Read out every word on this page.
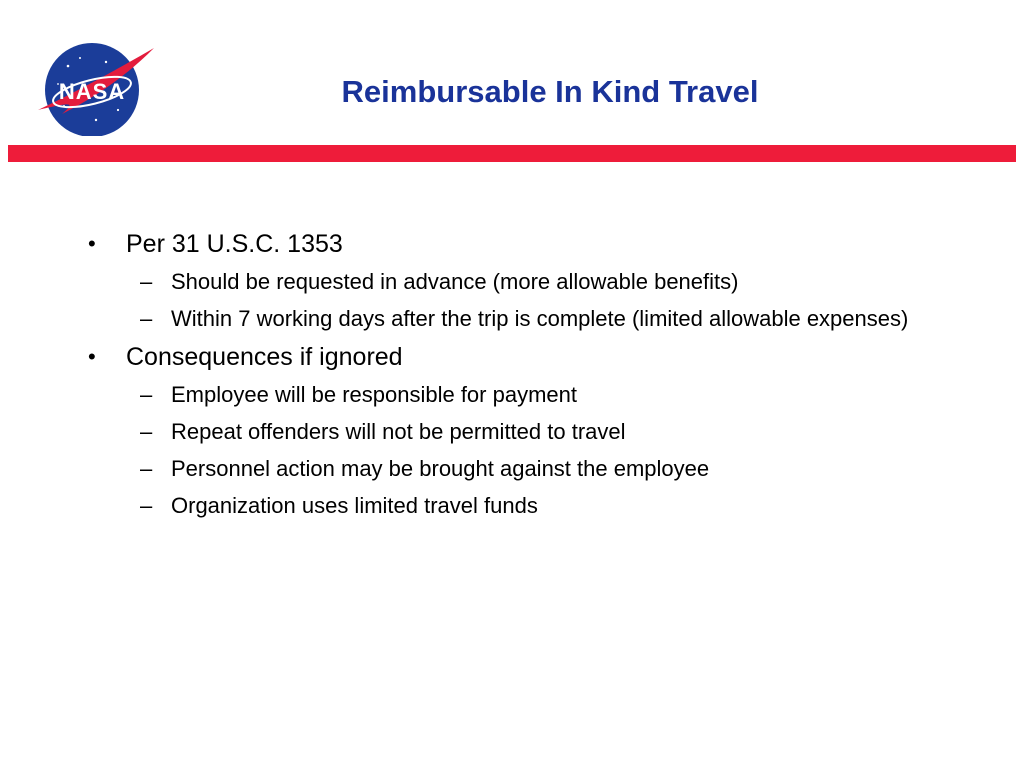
NASA	Reimbursable In Kind Travel
• Per 31 U.S.C. 1353
– Should be requested in advance (more allowable benefits)
– Within 7 working days after the trip is complete (limited allowable expenses)
• Consequences if ignored
– Employee will be responsible for payment
– Repeat offenders will not be permitted to travel
– Personnel action may be brought against the employee
– Organization uses limited travel funds
